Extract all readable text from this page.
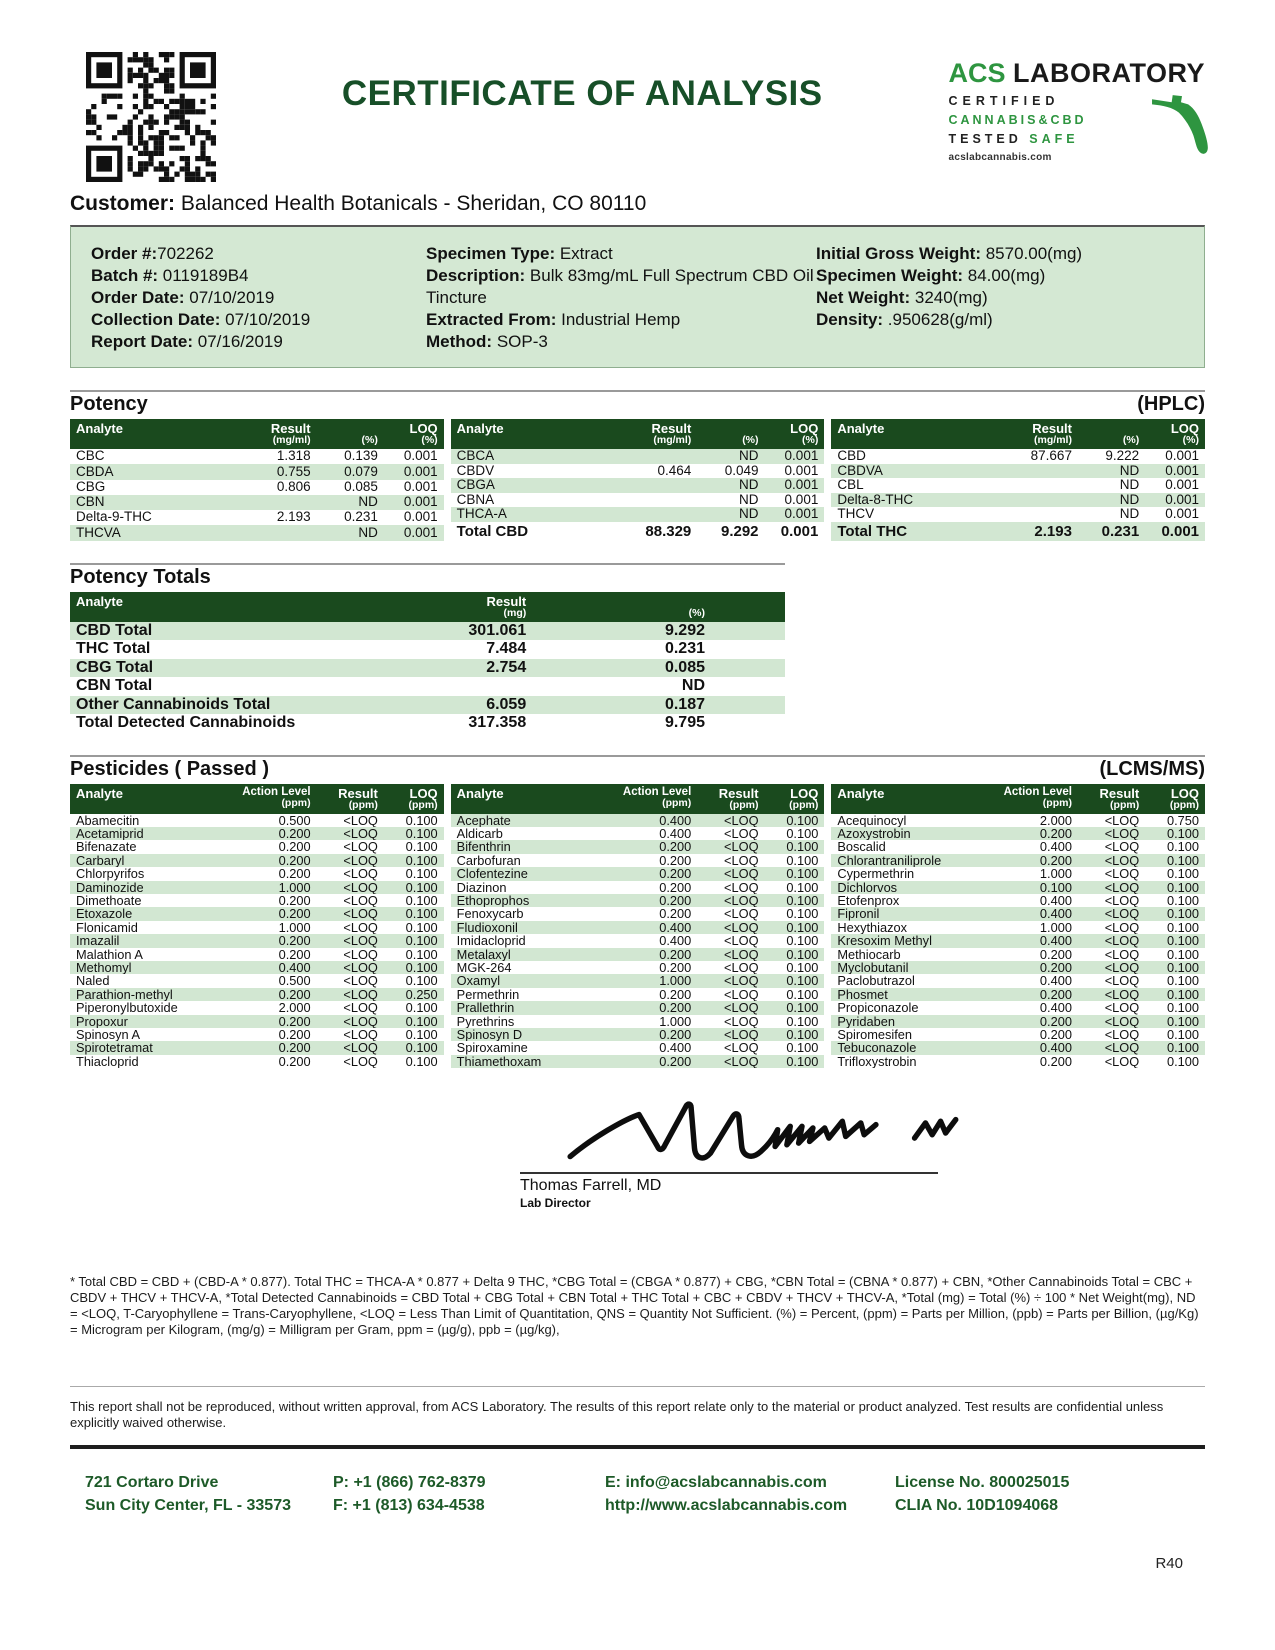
CERTIFICATE OF ANALYSIS
ACS LABORATORY
CERTIFIED
CANNABIS&CBD
TESTED SAFE
acslabcannabis.com
Customer: Balanced Health Botanicals - Sheridan, CO 80110
Order #:702262
Batch #: 0119189B4
Order Date: 07/10/2019
Collection Date: 07/10/2019
Report Date: 07/16/2019
Specimen Type: Extract
Description: Bulk 83mg/mL Full Spectrum CBD Oil Tincture
Extracted From: Industrial Hemp
Method: SOP-3
Initial Gross Weight: 8570.00(mg)
Specimen Weight: 84.00(mg)
Net Weight: 3240(mg)
Density: .950628(g/ml)
Potency	(HPLC)
Analyte	Result
(mg/ml)	(%)

LOQ
(%)

CBC	1.318	0.139	0.001
CBDA	0.755	0.079	0.001
CBG	0.806	0.085	0.001
CBN		ND	0.001
Delta-9-THC	2.193	0.231	0.001
THCVA		ND	0.001
Analyte	Result
(mg/ml)	(%)

LOQ
(%)

CBCA		ND	0.001
CBDV	0.464	0.049	0.001
CBGA		ND	0.001
CBNA		ND	0.001
THCA-A		ND	0.001
Total CBD	88.329	9.292	0.001
Analyte	Result
(mg/ml)	(%)

LOQ
(%)

CBD	87.667	9.222	0.001
CBDVA		ND	0.001
CBL		ND	0.001
Delta-8-THC		ND	0.001
THCV		ND	0.001
Total THC	2.193	0.231	0.001
Potency Totals
Analyte	Result
(mg)	(%)

CBD Total	301.061	9.292
THC Total	7.484	0.231
CBG Total	2.754	0.085
CBN Total		ND
Other Cannabinoids Total	6.059	0.187
Total Detected Cannabinoids	317.358	9.795
Pesticides ( Passed )	(LCMS/MS)
Analyte	Action Level
(ppm)

Result
(ppm)

LOQ
(ppm)

Abamecitin	0.500	<LOQ	0.100
Acetamiprid	0.200	<LOQ	0.100
Bifenazate	0.200	<LOQ	0.100
Carbaryl	0.200	<LOQ	0.100
Chlorpyrifos	0.200	<LOQ	0.100
Daminozide	1.000	<LOQ	0.100
Dimethoate	0.200	<LOQ	0.100
Etoxazole	0.200	<LOQ	0.100
Flonicamid	1.000	<LOQ	0.100
Imazalil	0.200	<LOQ	0.100
Malathion A	0.200	<LOQ	0.100
Methomyl	0.400	<LOQ	0.100
Naled	0.500	<LOQ	0.100
Parathion-methyl	0.200	<LOQ	0.250
Piperonylbutoxide	2.000	<LOQ	0.100
Propoxur	0.200	<LOQ	0.100
Spinosyn A	0.200	<LOQ	0.100
Spirotetramat	0.200	<LOQ	0.100
Thiacloprid	0.200	<LOQ	0.100
Analyte	Action Level
(ppm)

Result
(ppm)

LOQ
(ppm)

Acephate	0.400	<LOQ	0.100
Aldicarb	0.400	<LOQ	0.100
Bifenthrin	0.200	<LOQ	0.100
Carbofuran	0.200	<LOQ	0.100
Clofentezine	0.200	<LOQ	0.100
Diazinon	0.200	<LOQ	0.100
Ethoprophos	0.200	<LOQ	0.100
Fenoxycarb	0.200	<LOQ	0.100
Fludioxonil	0.400	<LOQ	0.100
Imidacloprid	0.400	<LOQ	0.100
Metalaxyl	0.200	<LOQ	0.100
MGK-264	0.200	<LOQ	0.100
Oxamyl	1.000	<LOQ	0.100
Permethrin	0.200	<LOQ	0.100
Prallethrin	0.200	<LOQ	0.100
Pyrethrins	1.000	<LOQ	0.100
Spinosyn D	0.200	<LOQ	0.100
Spiroxamine	0.400	<LOQ	0.100
Thiamethoxam	0.200	<LOQ	0.100
Analyte	Action Level
(ppm)

Result
(ppm)

LOQ
(ppm)

Acequinocyl	2.000	<LOQ	0.750
Azoxystrobin	0.200	<LOQ	0.100
Boscalid	0.400	<LOQ	0.100
Chlorantraniliprole	0.200	<LOQ	0.100
Cypermethrin	1.000	<LOQ	0.100
Dichlorvos	0.100	<LOQ	0.100
Etofenprox	0.400	<LOQ	0.100
Fipronil	0.400	<LOQ	0.100
Hexythiazox	1.000	<LOQ	0.100
Kresoxim Methyl	0.400	<LOQ	0.100
Methiocarb	0.200	<LOQ	0.100
Myclobutanil	0.200	<LOQ	0.100
Paclobutrazol	0.400	<LOQ	0.100
Phosmet	0.200	<LOQ	0.100
Propiconazole	0.400	<LOQ	0.100
Pyridaben	0.200	<LOQ	0.100
Spiromesifen	0.200	<LOQ	0.100
Tebuconazole	0.400	<LOQ	0.100
Trifloxystrobin	0.200	<LOQ	0.100
Thomas Farrell, MD
Lab Director

* Total CBD = CBD + (CBD-A * 0.877). Total THC = THCA-A * 0.877 + Delta 9 THC, *CBG Total = (CBGA * 0.877) + CBG, *CBN Total = (CBNA * 0.877) + CBN, *Other Cannabinoids Total = CBC + CBDV + THCV + THCV-A, *Total Detected Cannabinoids = CBD Total + CBG Total + CBN Total + THC Total + CBC + CBDV + THCV + THCV-A, *Total (mg) = Total (%) ÷ 100 * Net Weight(mg), ND = <LOQ, T-Caryophyllene = Trans-Caryophyllene, <LOQ = Less Than Limit of Quantitation, QNS = Quantity Not Sufficient. (%) = Percent, (ppm) = Parts per Million, (ppb) = Parts per Billion, (µg/Kg) = Microgram per Kilogram, (mg/g) = Milligram per Gram, ppm = (µg/g), ppb = (µg/kg),

This report shall not be reproduced, without written approval, from ACS Laboratory. The results of this report relate only to the material or product analyzed. Test results are confidential unless explicitly waived otherwise.

721 Cortaro Drive
Sun City Center, FL - 33573
P: +1 (866) 762-8379
F: +1 (813) 634-4538
E: info@acslabcannabis.com
http://www.acslabcannabis.com
License No. 800025015
CLIA No. 10D1094068
R40
